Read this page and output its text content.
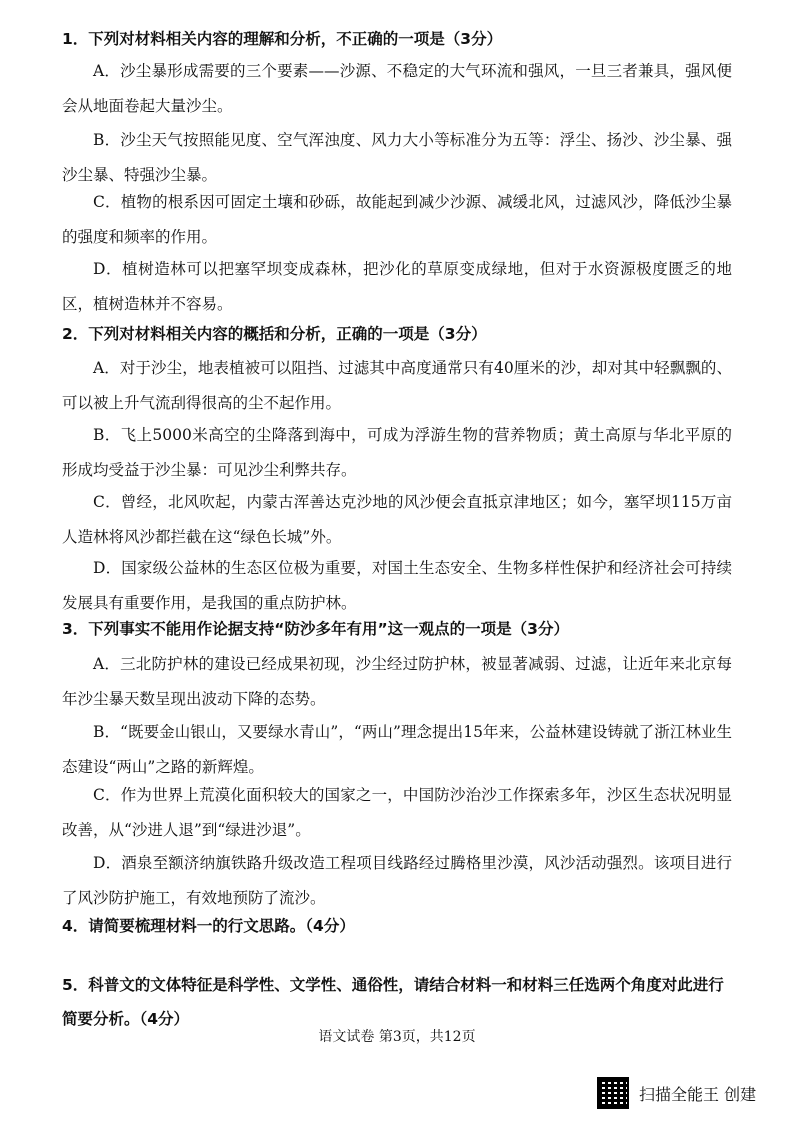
1．下列对材料相关内容的理解和分析，不正确的一项是（3分）
A．沙尘暴形成需要的三个要素——沙源、不稳定的大气环流和强风，一旦三者兼具，强风便会从地面卷起大量沙尘。
B．沙尘天气按照能见度、空气浑浊度、风力大小等标准分为五等：浮尘、扬沙、沙尘暴、强沙尘暴、特强沙尘暴。
C．植物的根系因可固定土壤和砂砾，故能起到减少沙源、减缓北风，过滤风沙，降低沙尘暴的强度和频率的作用。
D．植树造林可以把塞罕坝变成森林，把沙化的草原变成绿地，但对于水资源极度匮乏的地区，植树造林并不容易。
2．下列对材料相关内容的概括和分析，正确的一项是（3分）
A．对于沙尘，地表植被可以阻挡、过滤其中高度通常只有40厘米的沙，却对其中轻飘飘的、可以被上升气流刮得很高的尘不起作用。
B．飞上5000米高空的尘降落到海中，可成为浮游生物的营养物质；黄土高原与华北平原的形成均受益于沙尘暴：可见沙尘利弊共存。
C．曾经，北风吹起，内蒙古浑善达克沙地的风沙便会直抵京津地区；如今，塞罕坝115万亩人造林将风沙都拦截在这“绿色长城”外。
D．国家级公益林的生态区位极为重要，对国土生态安全、生物多样性保护和经济社会可持续发展具有重要作用，是我国的重点防护林。
3．下列事实不能用作论据支持“防沙多年有用”这一观点的一项是（3分）
A．三北防护林的建设已经成果初现，沙尘经过防护林，被显著减弱、过滤，让近年来北京每年沙尘暴天数呈现出波动下降的态势。
B．“既要金山银山，又要绿水青山”，“两山”理念提出15年来，公益林建设铸就了浙江林业生态建设“两山”之路的新辉煌。
C．作为世界上荒漠化面积较大的国家之一，中国防沙治沙工作探索多年，沙区生态状况明显改善，从“沙进人退”到“绿进沙退”。
D．酒泉至额济纳旗铁路升级改造工程项目线路经过腾格里沙漠，风沙活动强烈。该项目进行了风沙防护施工，有效地预防了流沙。
4．请简要梳理材料一的行文思路。（4分）
5．科普文的文体特征是科学性、文学性、通俗性，请结合材料一和材料三任选两个角度对此进行简要分析。（4分）
语文试卷 第3页，共12页
扫描全能王 创建
